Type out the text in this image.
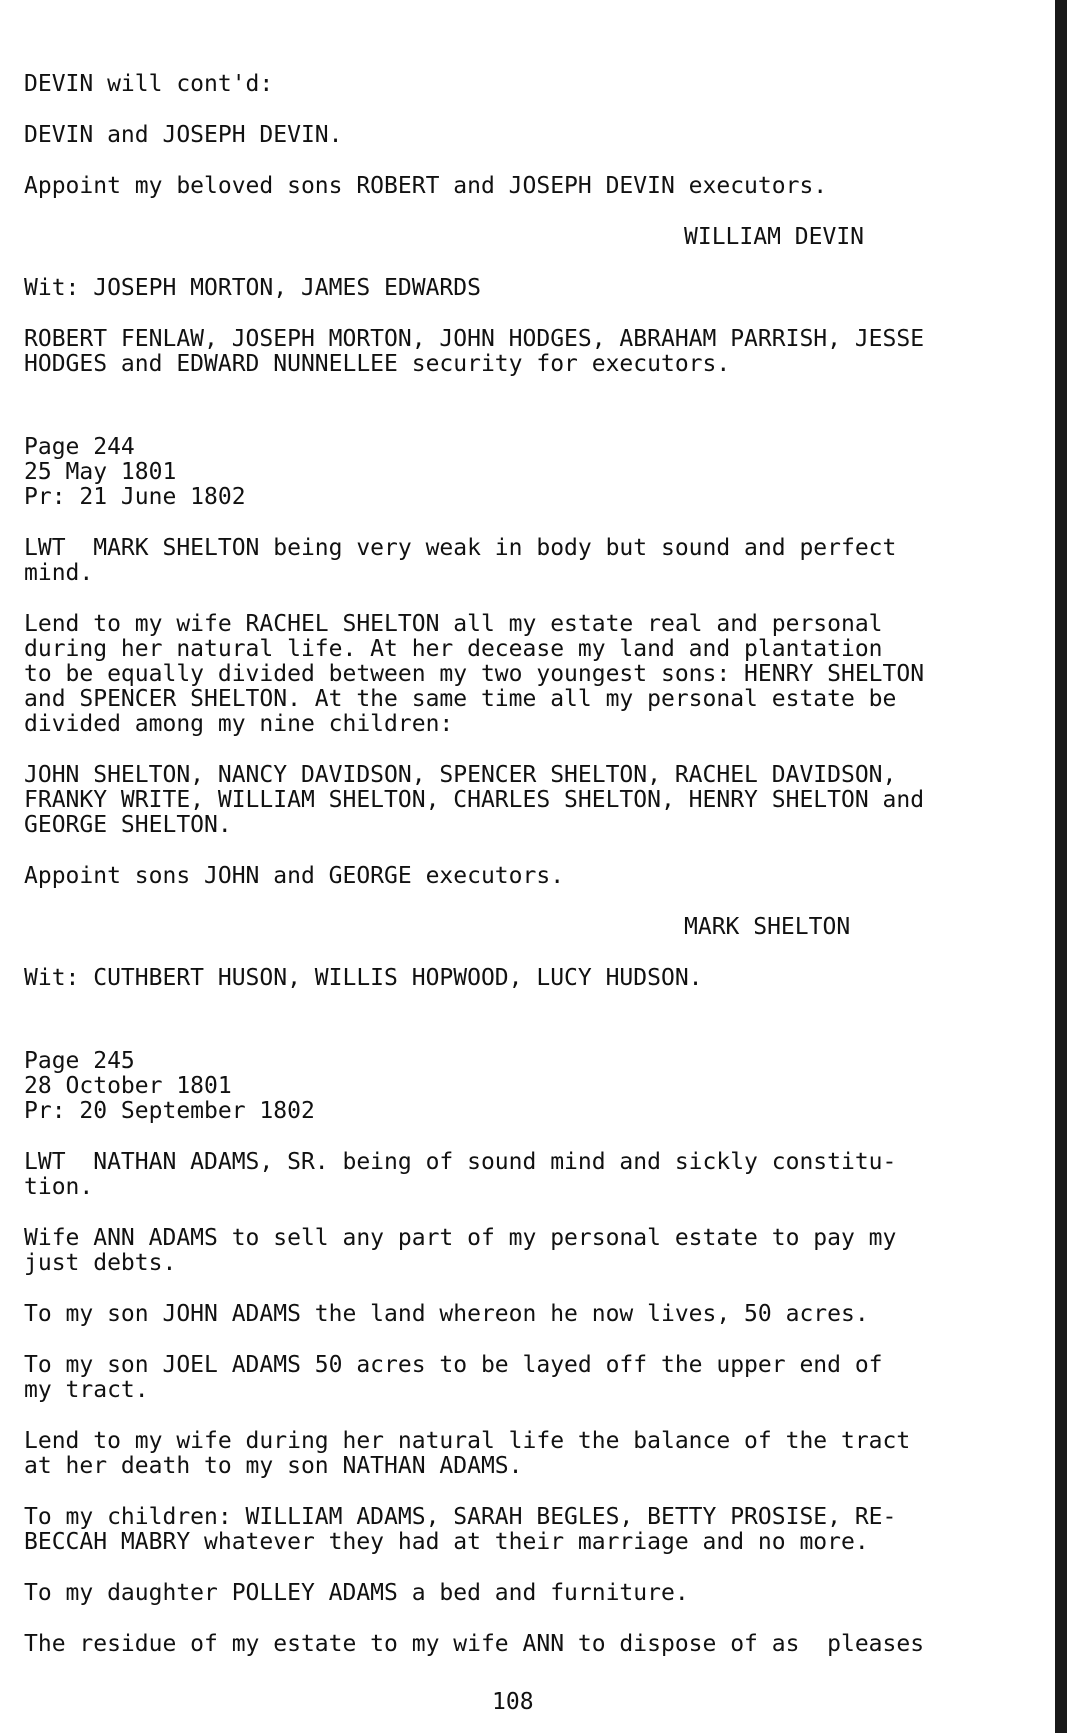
DEVIN will cont'd:

DEVIN and JOSEPH DEVIN.

Appoint my beloved sons ROBERT and JOSEPH DEVIN executors.

WILLIAM DEVIN

Wit: JOSEPH MORTON, JAMES EDWARDS

ROBERT FENLAW, JOSEPH MORTON, JOHN HODGES, ABRAHAM PARRISH, JESSE
HODGES and EDWARD NUNNELLEE security for executors.

Page 244

25 May 1801

Pr: 21 June 1802

LWT  MARK SHELTON being very weak in body but sound and perfect
mind.

Lend to my wife RACHEL SHELTON all my estate real and personal
during her natural life. At her decease my land and plantation
to be equally divided between my two youngest sons: HENRY SHELTON
and SPENCER SHELTON. At the same time all my personal estate be
divided among my nine children:

JOHN SHELTON, NANCY DAVIDSON, SPENCER SHELTON, RACHEL DAVIDSON,
FRANKY WRITE, WILLIAM SHELTON, CHARLES SHELTON, HENRY SHELTON and
GEORGE SHELTON.

Appoint sons JOHN and GEORGE executors.

MARK SHELTON

Wit: CUTHBERT HUSON, WILLIS HOPWOOD, LUCY HUDSON.

Page 245

28 October 1801

Pr: 20 September 1802

LWT  NATHAN ADAMS, SR. being of sound mind and sickly constitu-
tion.

Wife ANN ADAMS to sell any part of my personal estate to pay my
just debts.

To my son JOHN ADAMS the land whereon he now lives, 50 acres.

To my son JOEL ADAMS 50 acres to be layed off the upper end of
my tract.

Lend to my wife during her natural life the balance of the tract
at her death to my son NATHAN ADAMS.

To my children: WILLIAM ADAMS, SARAH BEGLES, BETTY PROSISE, RE-
BECCAH MABRY whatever they had at their marriage and no more.

To my daughter POLLEY ADAMS a bed and furniture.

The residue of my estate to my wife ANN to dispose of as  pleases

108
